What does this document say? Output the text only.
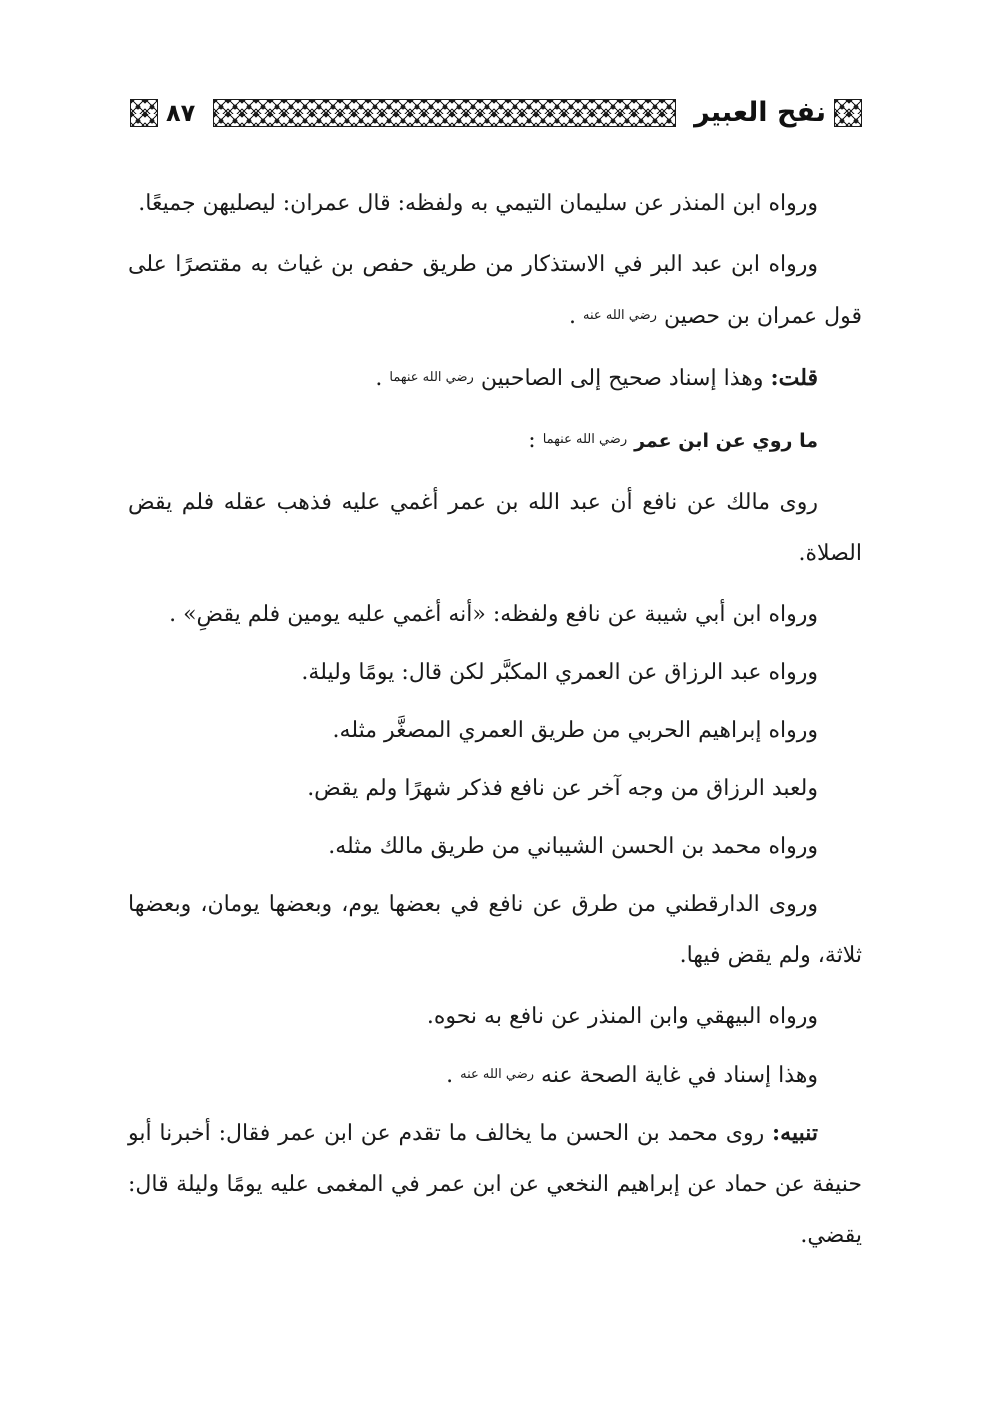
نفح العبير
٨٧

ورواه ابن المنذر عن سليمان التيمي به ولفظه: قال عمران: ليصليهن جميعًا.

ورواه ابن عبد البر في الاستذكار من طريق حفص بن غياث به مقتصرًا على قول عمران بن حصين رضي الله عنه .

قلت: وهذا إسناد صحيح إلى الصاحبين رضي الله عنهما .

ما روي عن ابن عمر رضي الله عنهما :

روى مالك عن نافع أن عبد الله بن عمر أغمي عليه فذهب عقله فلم يقض الصلاة.

ورواه ابن أبي شيبة عن نافع ولفظه: «أنه أغمي عليه يومين فلم يقضِ» .

ورواه عبد الرزاق عن العمري المكبَّر لكن قال: يومًا وليلة.

ورواه إبراهيم الحربي من طريق العمري المصغَّر مثله.

ولعبد الرزاق من وجه آخر عن نافع فذكر شهرًا ولم يقض.

ورواه محمد بن الحسن الشيباني من طريق مالك مثله.

وروى الدارقطني من طرق عن نافع في بعضها يوم، وبعضها يومان، وبعضها ثلاثة، ولم يقض فيها.

ورواه البيهقي وابن المنذر عن نافع به نحوه.

وهذا إسناد في غاية الصحة عنه رضي الله عنه .

تنبيه: روى محمد بن الحسن ما يخالف ما تقدم عن ابن عمر فقال: أخبرنا أبو حنيفة عن حماد عن إبراهيم النخعي عن ابن عمر في المغمى عليه يومًا وليلة قال: يقضي.
